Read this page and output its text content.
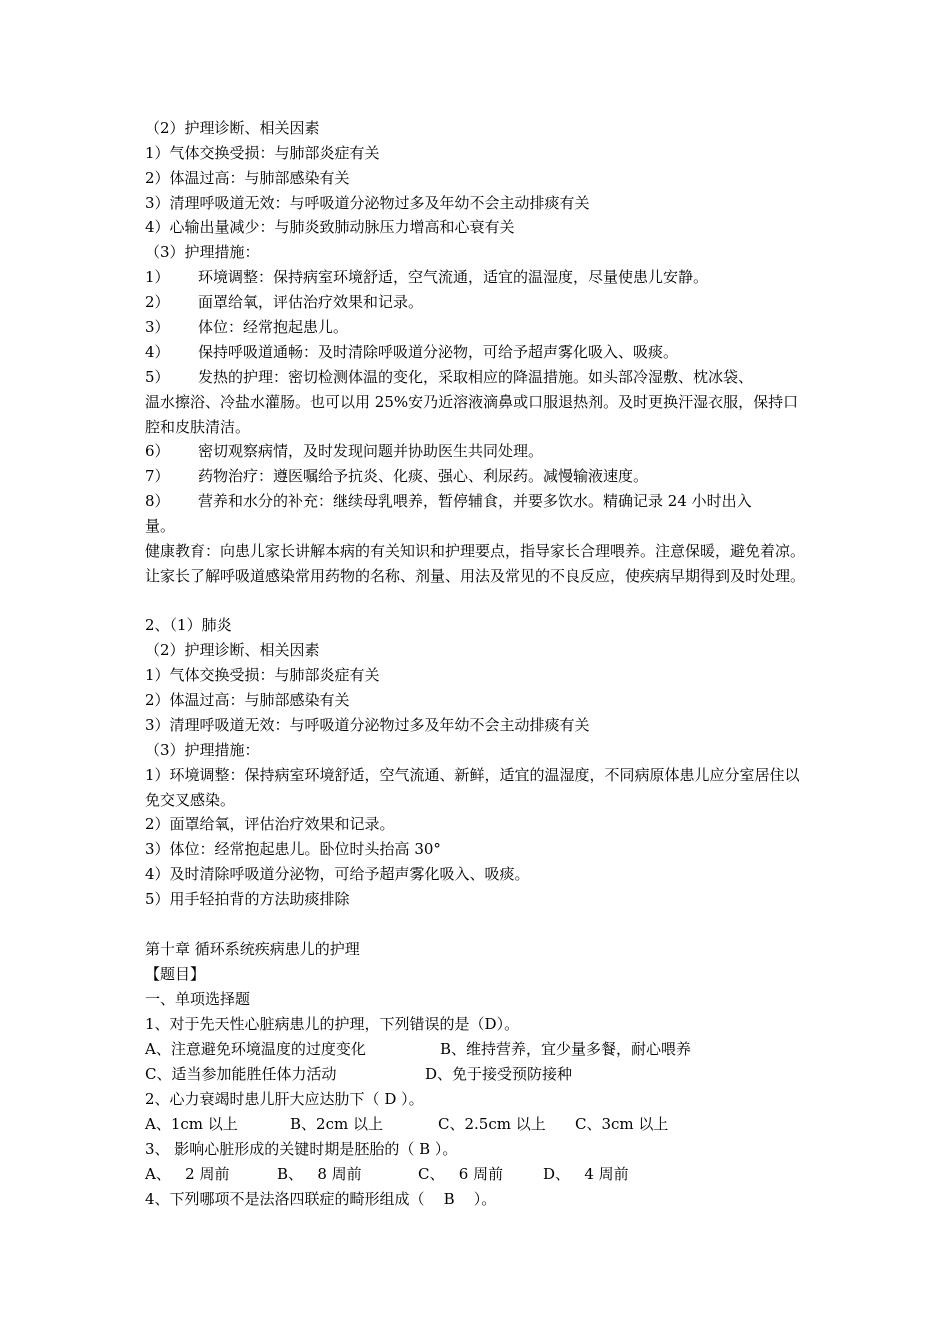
（2）护理诊断、相关因素
1）气体交换受损：与肺部炎症有关
2）体温过高：与肺部感染有关
3）清理呼吸道无效：与呼吸道分泌物过多及年幼不会主动排痰有关
4）心输出量减少：与肺炎致肺动脉压力增高和心衰有关
（3）护理措施：
1） 环境调整：保持病室环境舒适，空气流通，适宜的温湿度，尽量使患儿安静。
2） 面罩给氧，评估治疗效果和记录。
3） 体位：经常抱起患儿。
4） 保持呼吸道通畅：及时清除呼吸道分泌物，可给予超声雾化吸入、吸痰。
5） 发热的护理：密切检测体温的变化，采取相应的降温措施。如头部冷湿敷、枕冰袋、
温水擦浴、冷盐水灌肠。也可以用 25%安乃近溶液滴鼻或口服退热剂。及时更换汗湿衣服，保持口腔和皮肤清洁。
6） 密切观察病情，及时发现问题并协助医生共同处理。
7） 药物治疗：遵医嘱给予抗炎、化痰、强心、利尿药。减慢输液速度。
8） 营养和水分的补充：继续母乳喂养，暂停辅食，并要多饮水。精确记录 24 小时出入
量。
健康教育：向患儿家长讲解本病的有关知识和护理要点，指导家长合理喂养。注意保暖，避免着凉。让家长了解呼吸道感染常用药物的名称、剂量、用法及常见的不良反应，使疾病早期得到及时处理。
2、（1）肺炎
（2）护理诊断、相关因素
1）气体交换受损：与肺部炎症有关
2）体温过高：与肺部感染有关
3）清理呼吸道无效：与呼吸道分泌物过多及年幼不会主动排痰有关
（3）护理措施：
1）环境调整：保持病室环境舒适，空气流通、新鲜，适宜的温湿度，不同病原体患儿应分室居住以免交叉感染。
2）面罩给氧，评估治疗效果和记录。
3）体位：经常抱起患儿。卧位时头抬高 30°
4）及时清除呼吸道分泌物，可给予超声雾化吸入、吸痰。
5）用手轻拍背的方法助痰排除
第十章 循环系统疾病患儿的护理
【题目】
一、单项选择题
1、对于先天性心脏病患儿的护理，下列错误的是（D）。
A、注意避免环境温度的过度变化	B、维持营养，宜少量多餐，耐心喂养
C、适当参加能胜任体力活动	D、免于接受预防接种
2、心力衰竭时患儿肝大应达肋下（ D ）。
A、1cm 以上	B、2cm 以上	C、2.5cm 以上 C、3cm 以上
3、 影响心脏形成的关键时期是胚胎的（ B ）。
A、   2 周前	B、   8 周前	C、   6 周前	D、   4 周前
4、下列哪项不是法洛四联症的畸形组成（    B    ）。
